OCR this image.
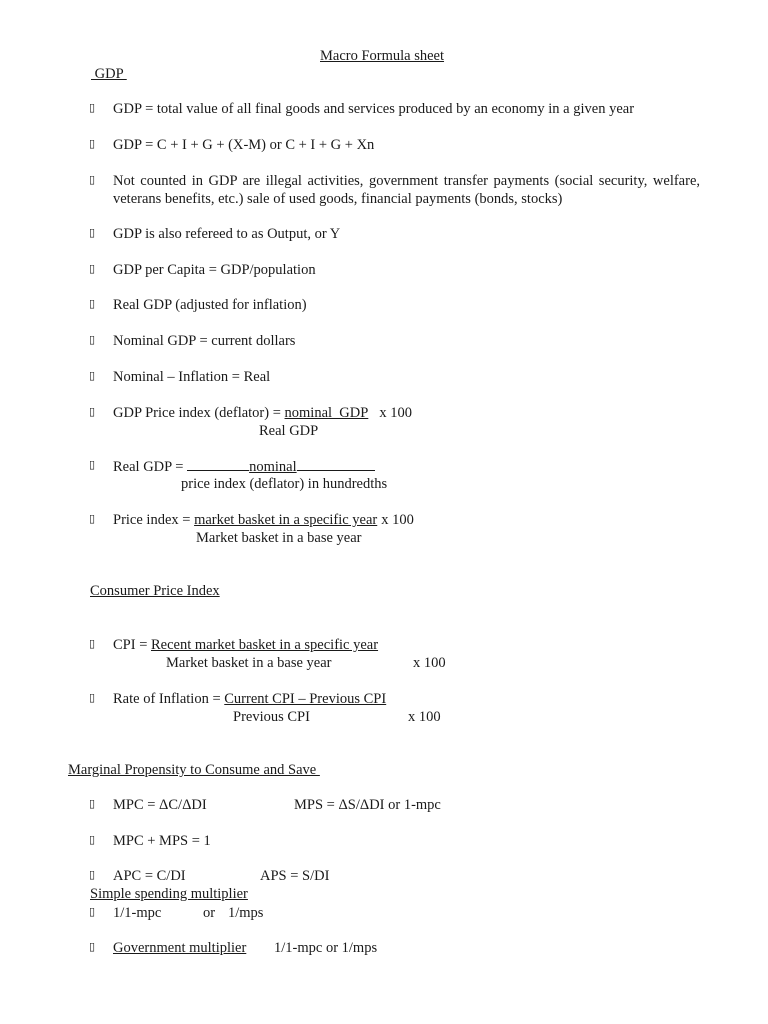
Macro Formula sheet
GDP
▯
GDP = total value of all final goods and services produced by an economy in a given year
▯
GDP = C + I + G + (X-M) or C + I + G + Xn
▯
Not counted in GDP are illegal activities, government transfer payments (social security, welfare, veterans benefits, etc.) sale of used goods, financial payments (bonds, stocks)
▯
GDP is also refereed to as Output, or Y
▯
GDP per Capita = GDP/population
▯
Real GDP (adjusted for inflation)
▯
Nominal GDP = current dollars
▯
Nominal – Inflation = Real
▯
GDP Price index (deflator) = nominal  GDP x 100
Real GDP
▯
Real GDP =	nominal
price index (deflator) in hundredths
▯
Price index = market basket in a specific year x 100
Market basket in a base year
Consumer Price Index
▯
CPI = Recent market basket in a specific year
Market basket in a base year	x 100
▯
Rate of Inflation = Current CPI – Previous CPI
Previous CPI	x 100
Marginal Propensity to Consume and Save
▯
MPC = ΔC/ΔDI	MPS = ΔS/ΔDI or 1-mpc
▯
MPC + MPS = 1
▯
APC = C/DI	APS = S/DI
Simple spending multiplier
▯
1/1-mpc	or 1/mps
▯
Government multiplier 1/1-mpc or 1/mps
